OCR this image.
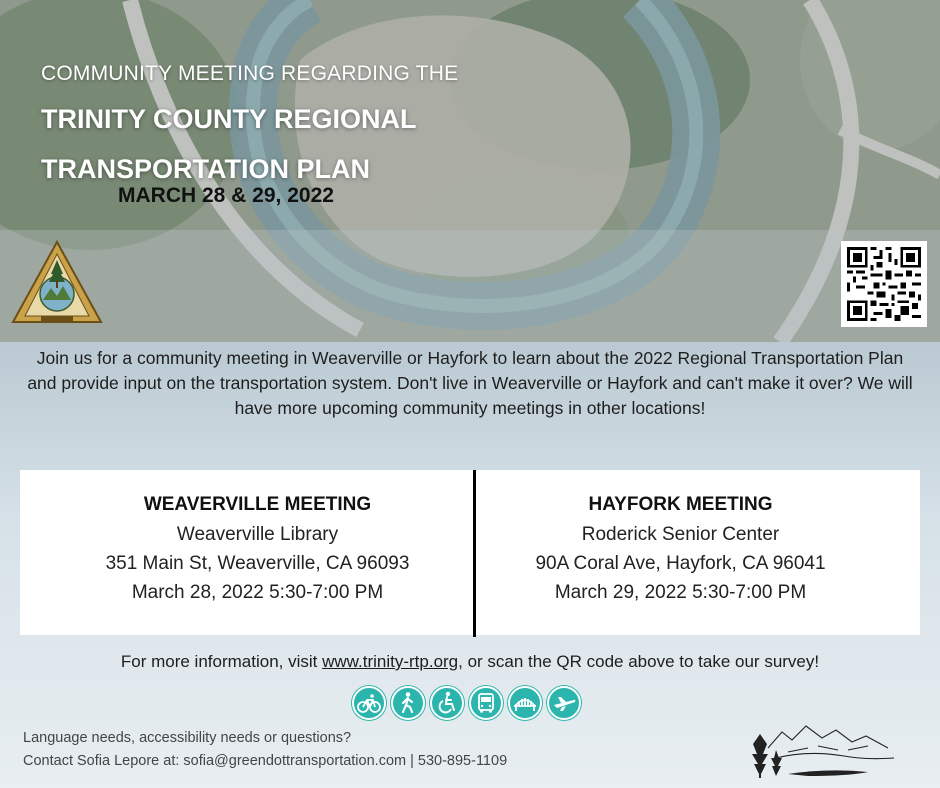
COMMUNITY MEETING REGARDING THE
TRINITY COUNTY REGIONAL
TRANSPORTATION PLAN
MARCH 28 & 29, 2022

Join us for a community meeting in Weaverville or Hayfork to learn about the 2022 Regional Transportation Plan and provide input on the transportation system. Don't live in Weaverville or Hayfork and can't make it over? We will have more upcoming community meetings in other locations!

WEAVERVILLE MEETING
Weaverville Library
351 Main St, Weaverville, CA 96093
March 28, 2022 5:30-7:00 PM
HAYFORK MEETING
Roderick Senior Center
90A Coral Ave, Hayfork, CA 96041
March 29, 2022 5:30-7:00 PM
For more information, visit www.trinity-rtp.org, or scan the QR code above to take our survey!
Language needs, accessibility needs or questions?
Contact Sofia Lepore at: sofia@greendottransportation.com | 530-895-1109
